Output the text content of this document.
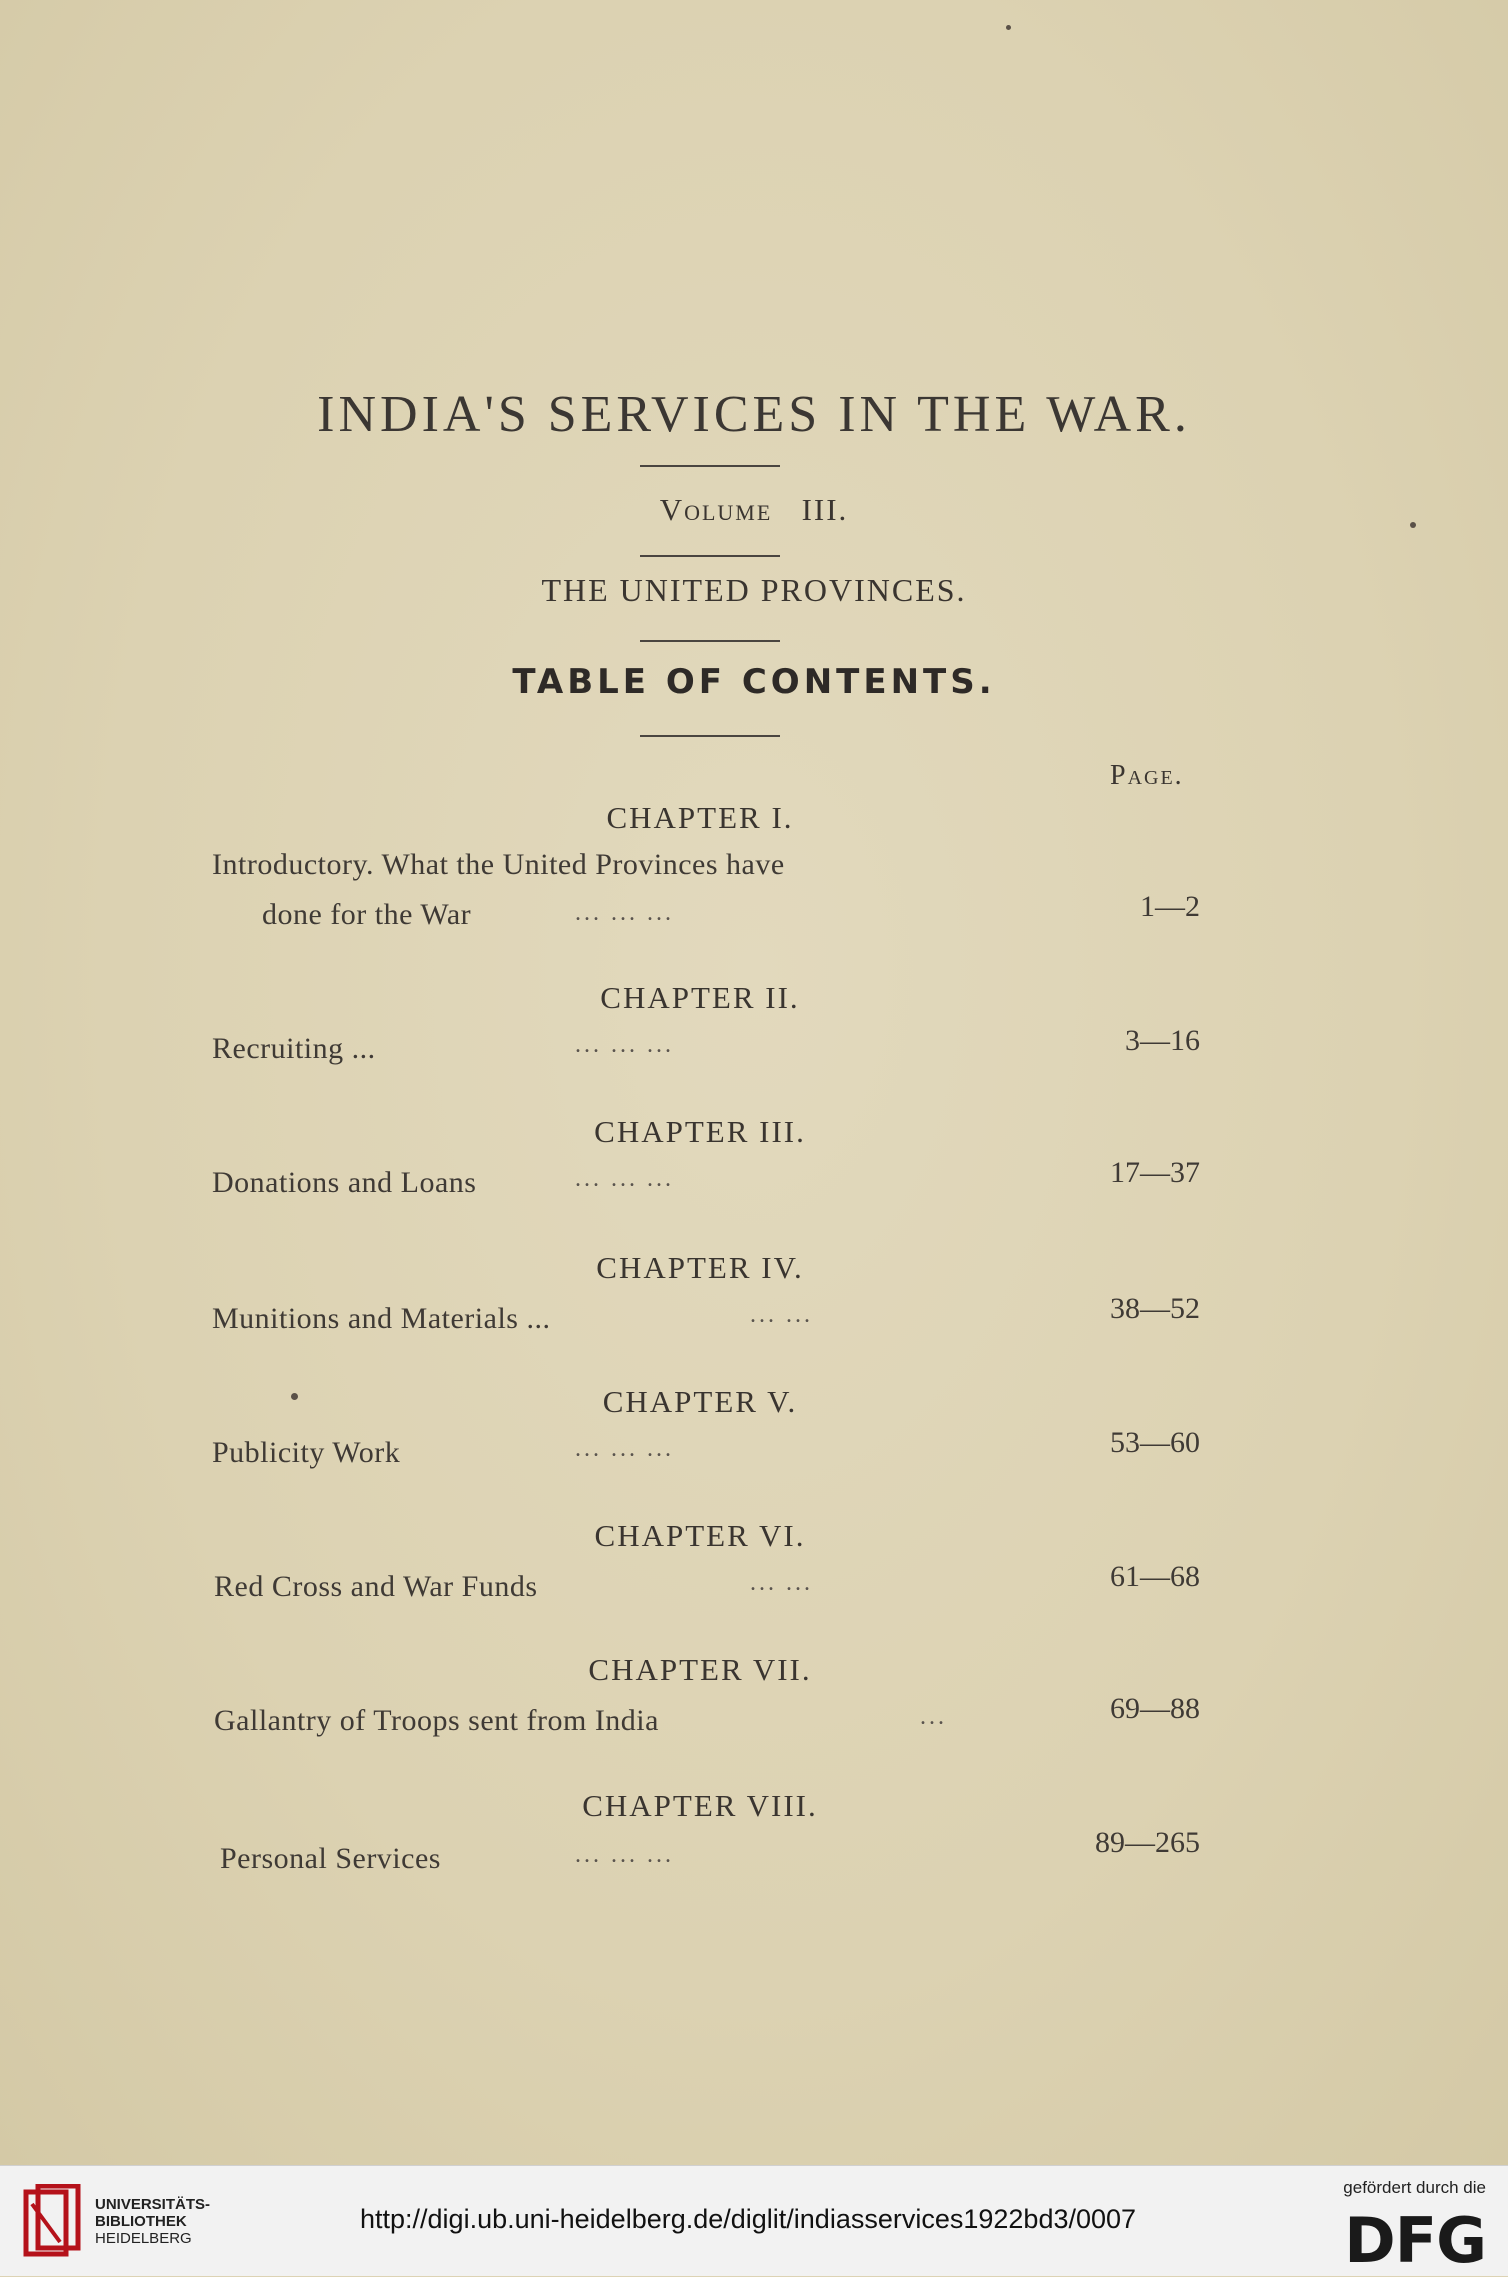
INDIA'S SERVICES IN THE WAR.
Volume III.
THE UNITED PROVINCES.
TABLE OF CONTENTS.
Page.
CHAPTER I.
Introductory. What the United Provinces have
done for the War	... ... ...	1—2
CHAPTER II.
Recruiting ...	... ... ...	3—16
CHAPTER III.
Donations and Loans	... ... ...	17—37
CHAPTER IV.
Munitions and Materials ...	... ...	38—52
CHAPTER V.
Publicity Work	... ... ...	53—60
CHAPTER VI.
Red Cross and War Funds	... ...	61—68
CHAPTER VII.
Gallantry of Troops sent from India	...	69—88
CHAPTER VIII.
Personal Services	... ... ...	89—265
UNIVERSITÄTS-
BIBLIOTHEK
HEIDELBERG
http://digi.ub.uni-heidelberg.de/diglit/indiasservices1922bd3/0007
gefördert durch die
DFG
